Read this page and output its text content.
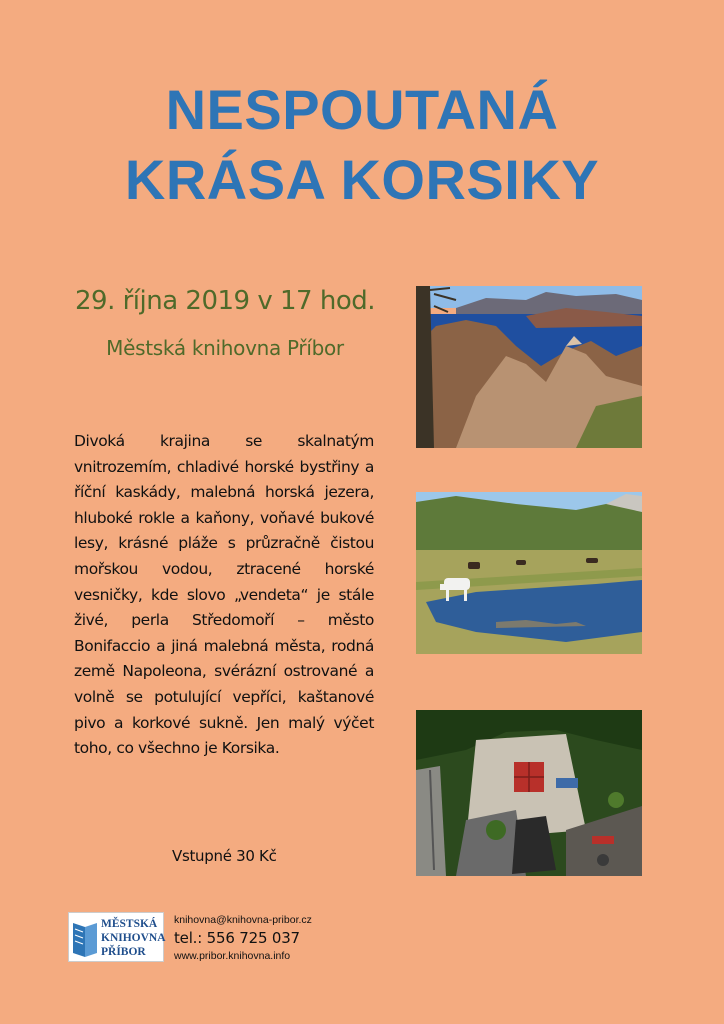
NESPOUTANÁ
KRÁSA KORSIKY
29. října 2019 v 17 hod.
Městská knihovna Příbor
Divoká krajina se skalnatým vnitrozemím, chladivé horské bystřiny a říční kaskády, malebná horská jezera, hluboké rokle a kaňony, voňavé bukové lesy, krásné pláže s průzračně čistou mořskou vodou, ztracené horské vesničky, kde slovo „vendeta“ je stále živé, perla Středomoří – město Bonifaccio a jiná malebná města, rodná země Napoleona, svérázní ostrované a volně se potulující vepříci, kaštanové pivo a korkové sukně. Jen malý výčet toho, co všechno je Korsika.
Vstupné 30 Kč
MĚSTSKÁ
KNIHOVNA
PŘÍBOR
knihovna@knihovna-pribor.cz
tel.: 556 725 037
www.pribor.knihovna.info
